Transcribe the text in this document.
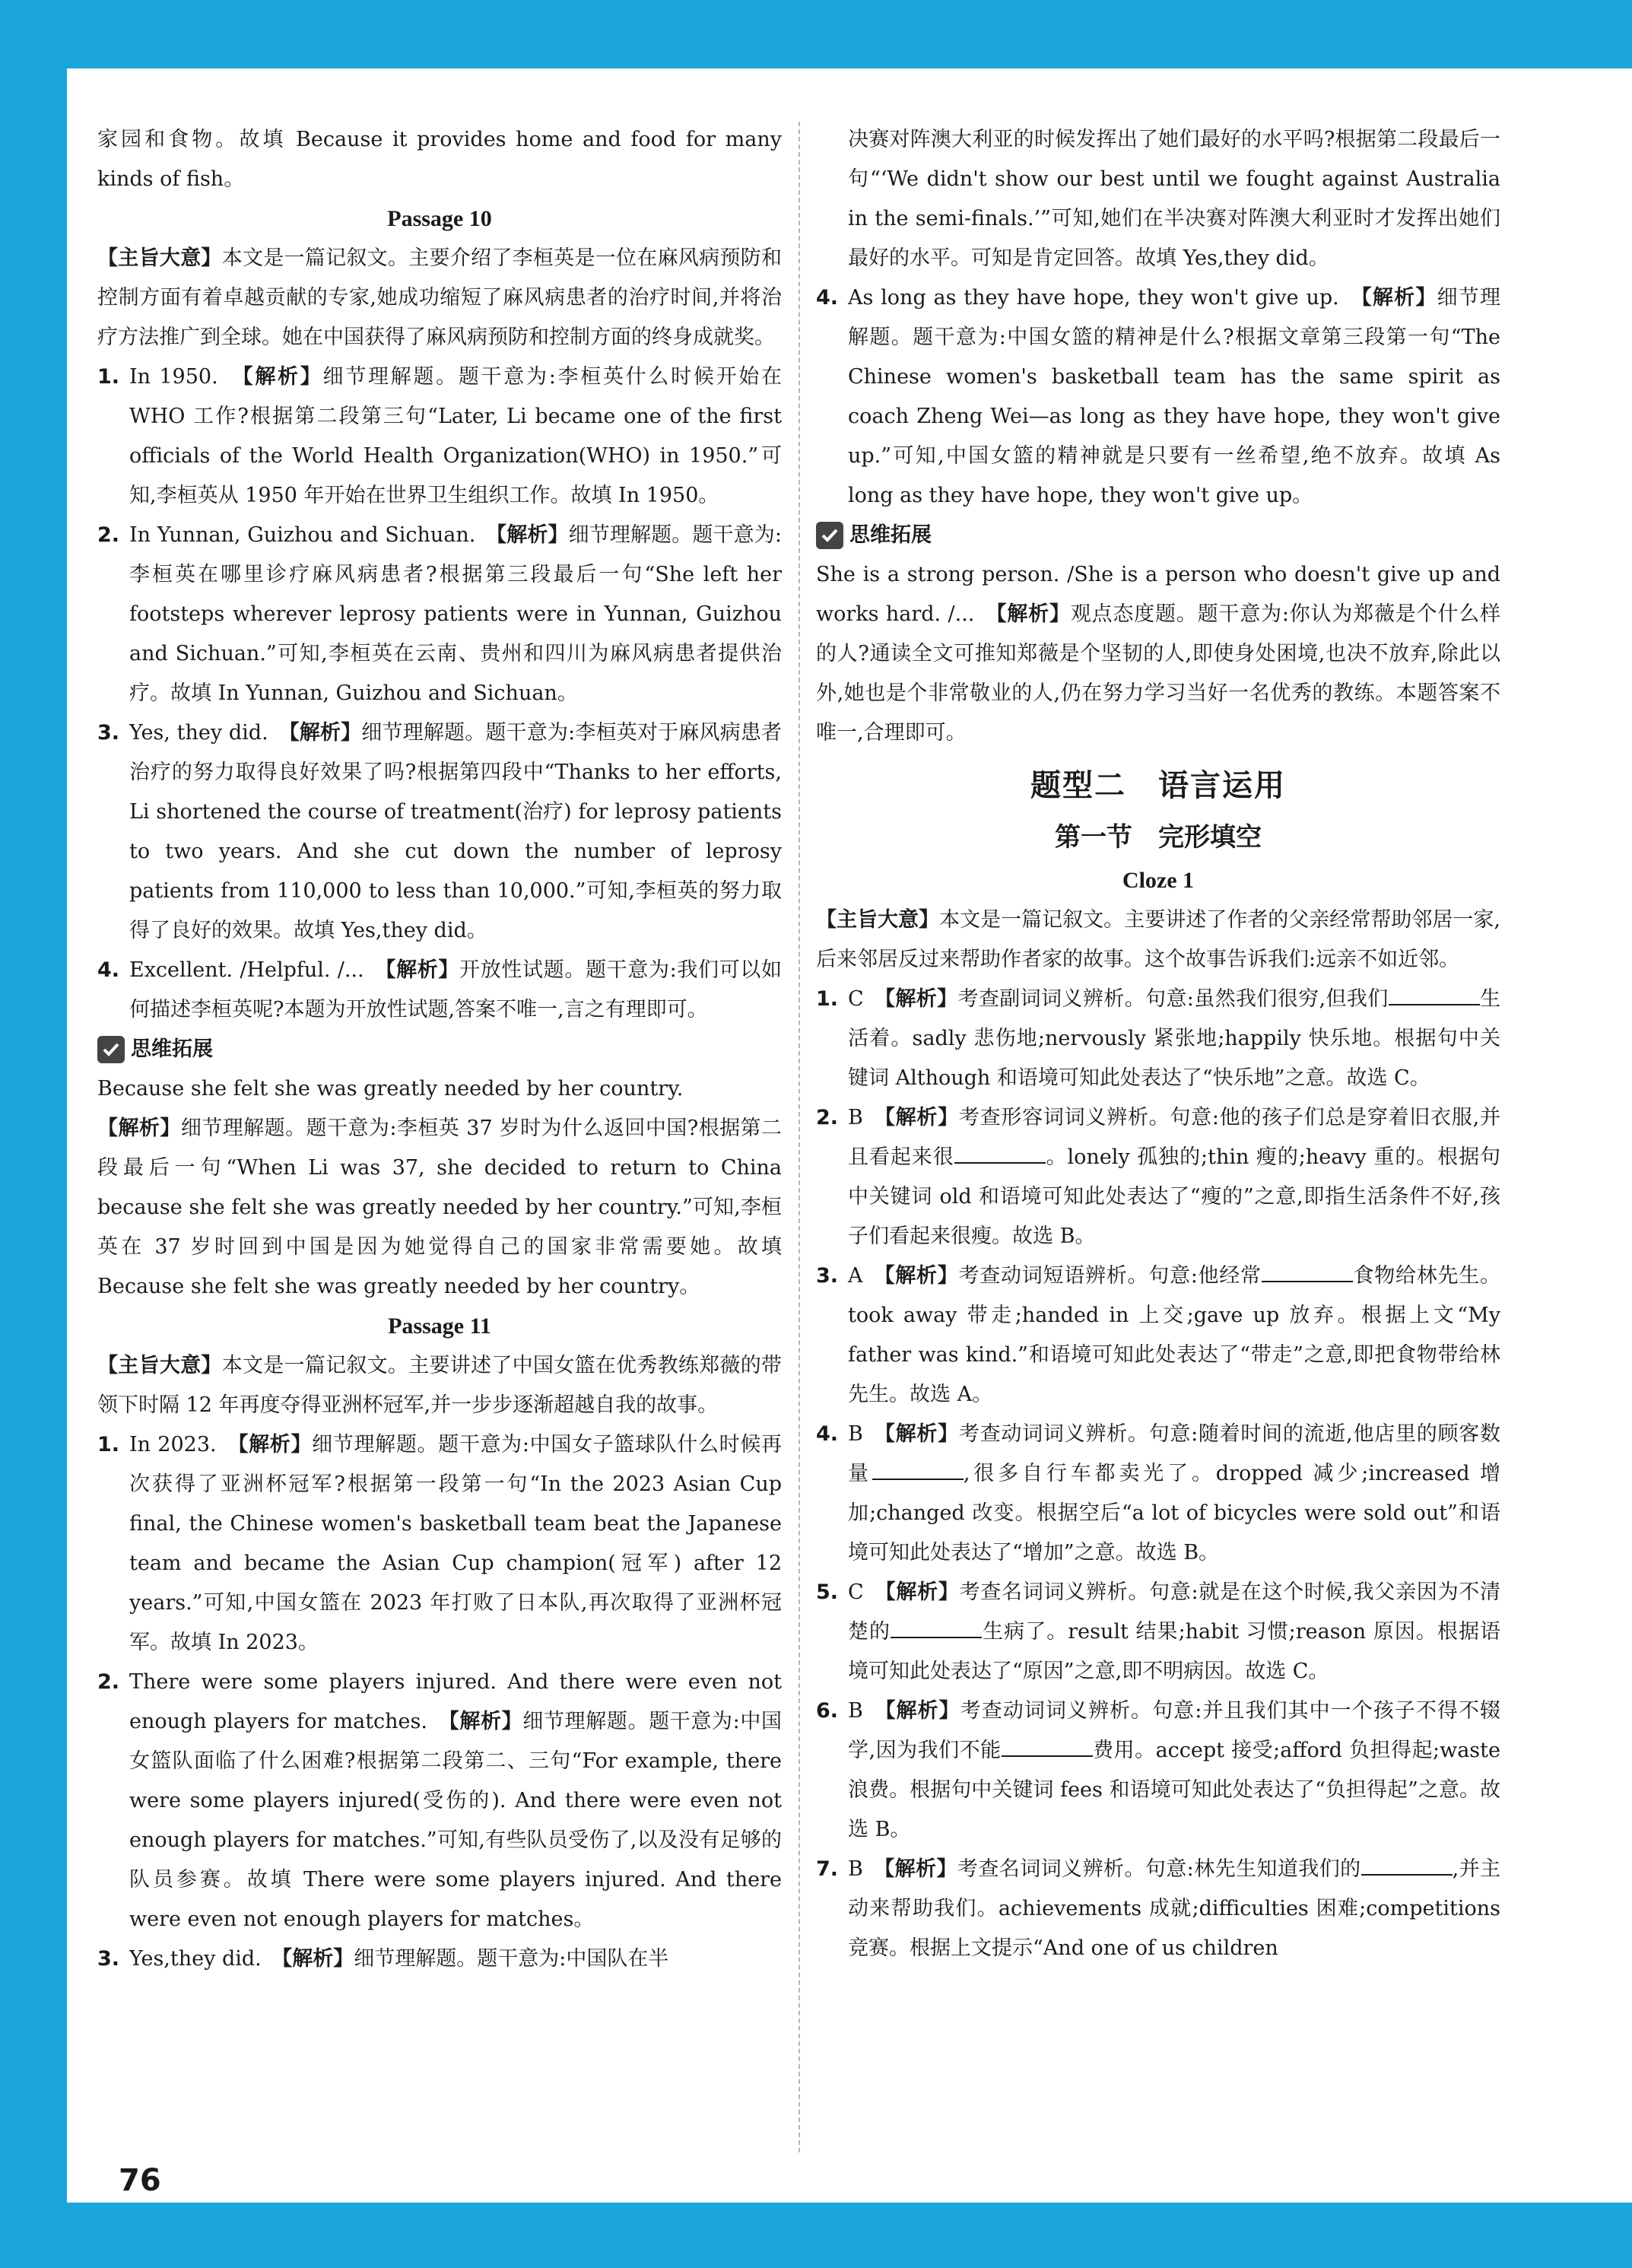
家园和食物。故填 Because it provides home and food for many kinds of fish。

Passage 10

【主旨大意】本文是一篇记叙文。主要介绍了李桓英是一位在麻风病预防和控制方面有着卓越贡献的专家,她成功缩短了麻风病患者的治疗时间,并将治疗方法推广到全球。她在中国获得了麻风病预防和控制方面的终身成就奖。

1. In 1950.　 【解析】细节理解题。题干意为:李桓英什么时候开始在 WHO 工作?根据第二段第三句“Later, Li became one of the first officials of the World Health Organization(WHO) in 1950.”可知,李桓英从 1950 年开始在世界卫生组织工作。故填 In 1950。
2. In Yunnan, Guizhou and Sichuan.　 【解析】细节理解题。题干意为:李桓英在哪里诊疗麻风病患者?根据第三段最后一句“She left her footsteps wherever leprosy patients were in Yunnan, Guizhou and Sichuan.”可知,李桓英在云南、贵州和四川为麻风病患者提供治疗。故填 In Yunnan, Guizhou and Sichuan。
3. Yes, they did.　 【解析】细节理解题。题干意为:李桓英对于麻风病患者治疗的努力取得良好效果了吗?根据第四段中“Thanks to her efforts, Li shortened the course of treatment(治疗) for leprosy patients to two years. And she cut down the number of leprosy patients from 110,000 to less than 10,000.”可知,李桓英的努力取得了良好的效果。故填 Yes,they did。
4. Excellent. /Helpful. /...　 【解析】开放性试题。题干意为:我们可以如何描述李桓英呢?本题为开放性试题,答案不唯一,言之有理即可。
思维拓展

Because she felt she was greatly needed by her country.

【解析】细节理解题。题干意为:李桓英 37 岁时为什么返回中国?根据第二段最后一句“When Li was 37, she decided to return to China because she felt she was greatly needed by her country.”可知,李桓英在 37 岁时回到中国是因为她觉得自己的国家非常需要她。故填 Because she felt she was greatly needed by her country。

Passage 11

【主旨大意】本文是一篇记叙文。主要讲述了中国女篮在优秀教练郑薇的带领下时隔 12 年再度夺得亚洲杯冠军,并一步步逐渐超越自我的故事。

1. In 2023.　 【解析】细节理解题。题干意为:中国女子篮球队什么时候再次获得了亚洲杯冠军?根据第一段第一句“In the 2023 Asian Cup final, the Chinese women's basketball team beat the Japanese team and became the Asian Cup champion(冠军) after 12 years.”可知,中国女篮在 2023 年打败了日本队,再次取得了亚洲杯冠军。故填 In 2023。
2. There were some players injured. And there were even not enough players for matches.　 【解析】细节理解题。题干意为:中国女篮队面临了什么困难?根据第二段第二、三句“For example, there were some players injured(受伤的). And there were even not enough players for matches.”可知,有些队员受伤了,以及没有足够的队员参赛。故填 There were some players injured. And there were even not enough players for matches。
3. Yes,they did.　 【解析】细节理解题。题干意为:中国队在半

决赛对阵澳大利亚的时候发挥出了她们最好的水平吗?根据第二段最后一句“‘We didn't show our best until we fought against Australia in the semi-finals.’”可知,她们在半决赛对阵澳大利亚时才发挥出她们最好的水平。可知是肯定回答。故填 Yes,they did。

4. As long as they have hope, they won't give up.　 【解析】细节理解题。题干意为:中国女篮的精神是什么?根据文章第三段第一句“The Chinese women's basketball team has the same spirit as coach Zheng Wei—as long as they have hope, they won't give up.”可知,中国女篮的精神就是只要有一丝希望,绝不放弃。故填 As long as they have hope, they won't give up。
思维拓展

She is a strong person. /She is a person who doesn't give up and works hard. /...　 【解析】观点态度题。题干意为:你认为郑薇是个什么样的人?通读全文可推知郑薇是个坚韧的人,即使身处困境,也决不放弃,除此以外,她也是个非常敬业的人,仍在努力学习当好一名优秀的教练。本题答案不唯一,合理即可。

题型二　语言运用

第一节　完形填空

Cloze 1

【主旨大意】本文是一篇记叙文。主要讲述了作者的父亲经常帮助邻居一家,后来邻居反过来帮助作者家的故事。这个故事告诉我们:远亲不如近邻。

1. C　 【解析】考查副词词义辨析。句意:虽然我们很穷,但我们	生活着。sadly 悲伤地;nervously 紧张地;happily 快乐地。根据句中关键词 Although 和语境可知此处表达了“快乐地”之意。故选 C。
2. B　 【解析】考查形容词词义辨析。句意:他的孩子们总是穿着旧衣服,并且看起来很	。lonely 孤独的;thin 瘦的;heavy 重的。根据句中关键词 old 和语境可知此处表达了“瘦的”之意,即指生活条件不好,孩子们看起来很瘦。故选 B。
3. A　 【解析】考查动词短语辨析。句意:他经常	食物给林先生。took away 带走;handed in 上交;gave up 放弃。根据上文“My father was kind.”和语境可知此处表达了“带走”之意,即把食物带给林先生。故选 A。
4. B　 【解析】考查动词词义辨析。句意:随着时间的流逝,他店里的顾客数量	,很多自行车都卖光了。dropped 减少;increased 增加;changed 改变。根据空后“a lot of bicycles were sold out”和语境可知此处表达了“增加”之意。故选 B。
5. C　 【解析】考查名词词义辨析。句意:就是在这个时候,我父亲因为不清楚的	生病了。result 结果;habit 习惯;reason 原因。根据语境可知此处表达了“原因”之意,即不明病因。故选 C。
6. B　 【解析】考查动词词义辨析。句意:并且我们其中一个孩子不得不辍学,因为我们不能	费用。accept 接受;afford 负担得起;waste 浪费。根据句中关键词 fees 和语境可知此处表达了“负担得起”之意。故选 B。
7. B　 【解析】考查名词词义辨析。句意:林先生知道我们的	,并主动来帮助我们。achievements 成就;difficulties 困难;competitions 竞赛。根据上文提示“And one of us children
76
